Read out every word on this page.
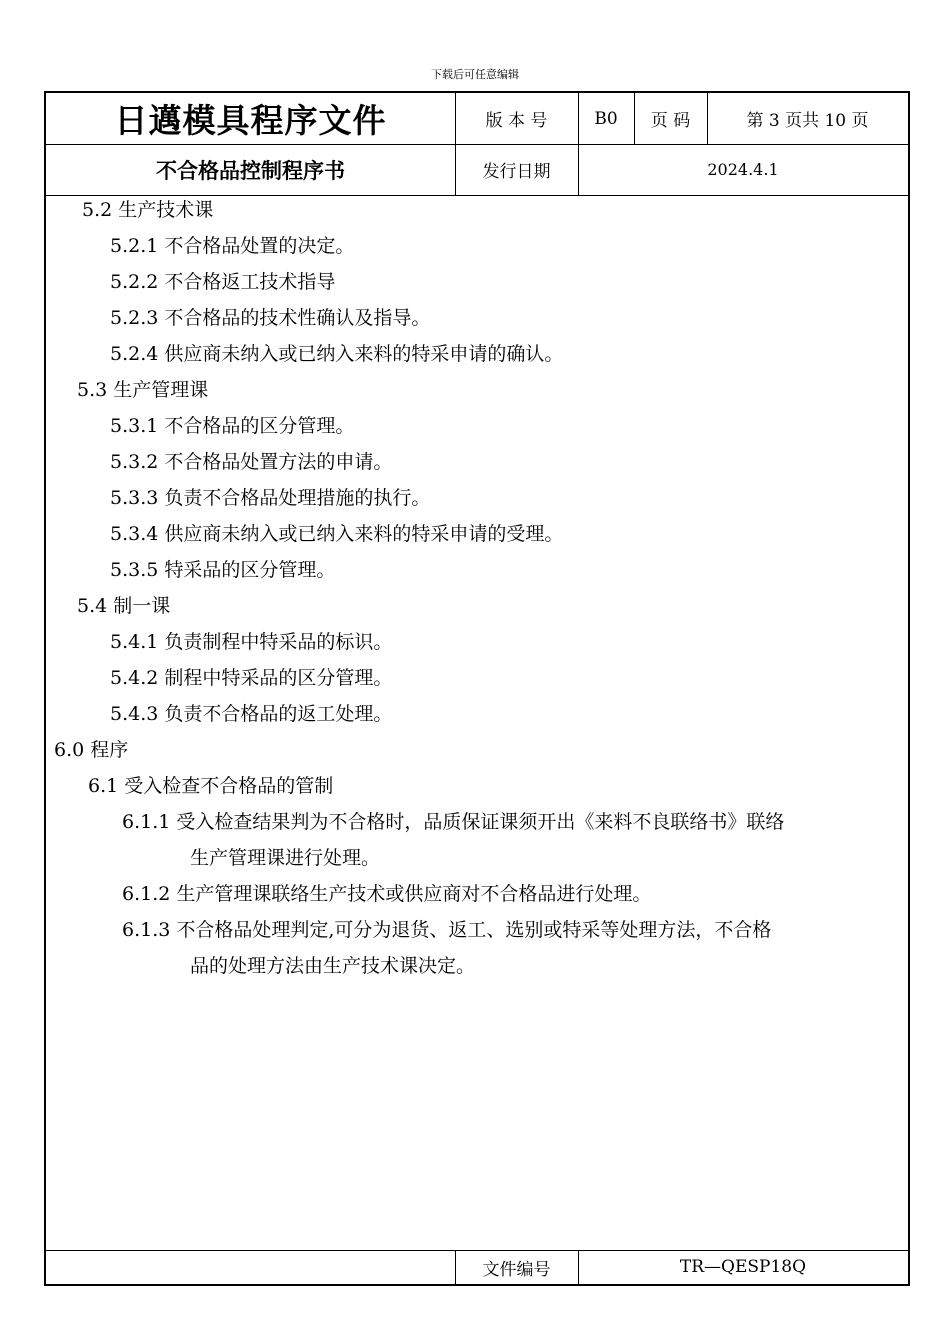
下载后可任意编辑
日邁模具程序文件	版 本 号	B0	页 码	第 3 页共 10 页
不合格品控制程序书	发行日期	2024.4.1
5.2 生产技术课
5.2.1 不合格品处置的决定。
5.2.2 不合格返工技术指导
5.2.3 不合格品的技术性确认及指导。
5.2.4 供应商未纳入或已纳入来料的特采申请的确认。
5.3 生产管理课
5.3.1 不合格品的区分管理。
5.3.2 不合格品处置方法的申请。
5.3.3 负责不合格品处理措施的执行。
5.3.4 供应商未纳入或已纳入来料的特采申请的受理。
5.3.5 特采品的区分管理。
5.4 制一课
5.4.1 负责制程中特采品的标识。
5.4.2 制程中特采品的区分管理。
5.4.3 负责不合格品的返工处理。
6.0 程序
6.1 受入检查不合格品的管制
6.1.1 受入检查结果判为不合格时，品质保证课须开出《来料不良联络书》联络
生产管理课进行处理。
6.1.2 生产管理课联络生产技术或供应商对不合格品进行处理。
6.1.3 不合格品处理判定,可分为退货、返工、选别或特采等处理方法，不合格
品的处理方法由生产技术课决定。
文件编号	TR—QESP18Q
